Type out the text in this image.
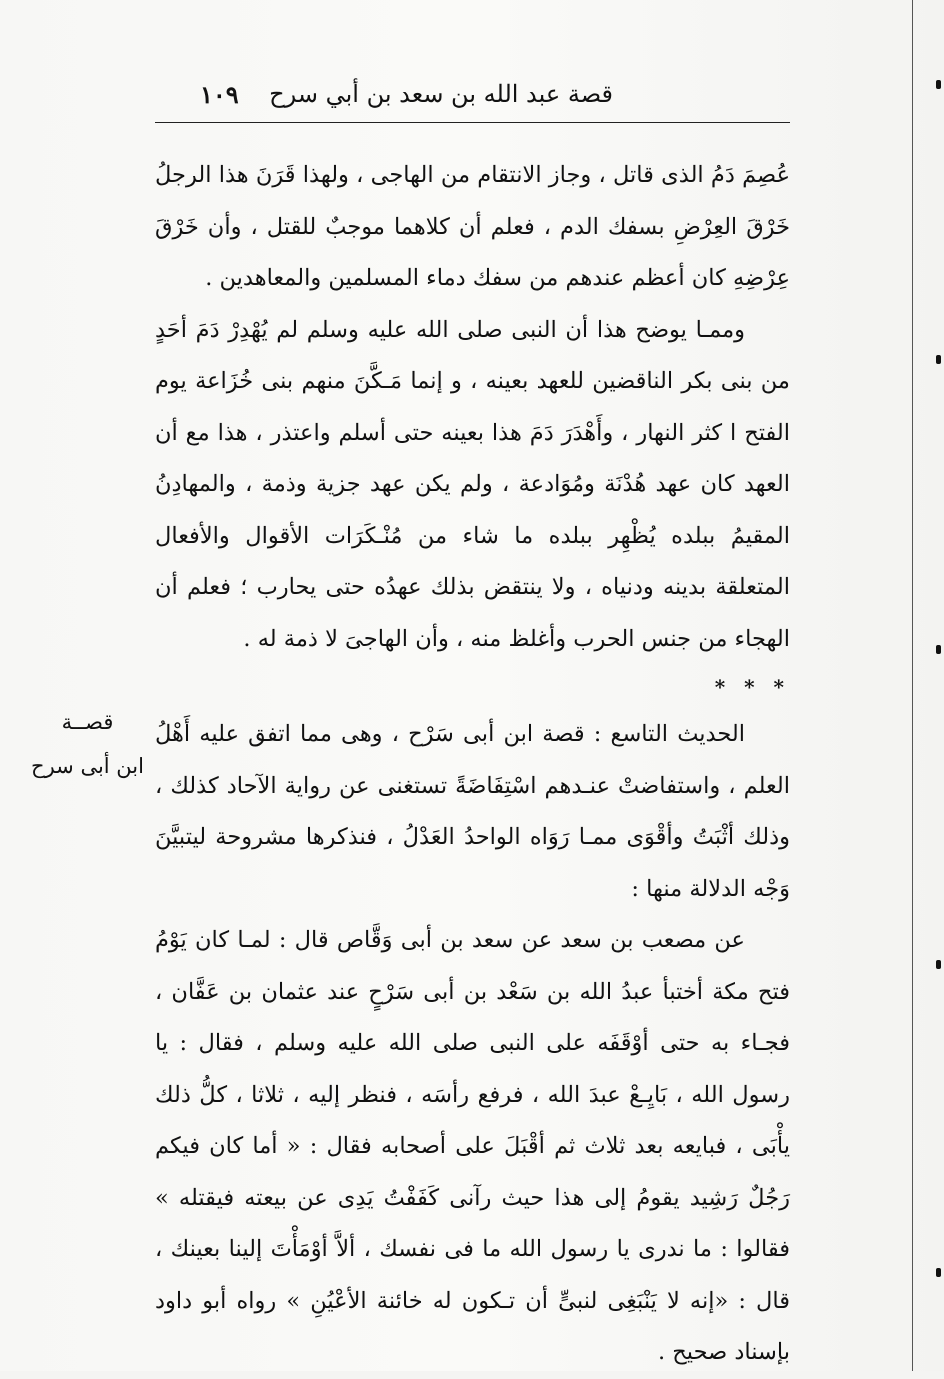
قصة عبد الله بن سعد بن أبي سرح
١٠٩

عُصِمَ دَمُ الذى قاتل ، وجاز الانتقام من الهاجى ، ولهذا قَرَنَ هذا الرجلُ خَرْقَ العِرْضِ بسفك الدم ، فعلم أن كلاهما موجبٌ للقتل ، وأن خَرْقَ عِرْضِهِ كان أعظم عندهم من سفك دماء المسلمين والمعاهدين .

وممـا يوضح هذا أن النبى صلى الله عليه وسلم لم يُهْدِرْ دَمَ أحَدٍ من بنى بكر الناقضين للعهد بعينه ، و إنما مَـكَّنَ منهم بنى خُزَاعة يوم الفتح ا كثر النهار ، وأَهْدَرَ دَمَ هذا بعينه حتى أسلم واعتذر ، هذا مع أن العهد كان عهد هُدْنَة ومُوَادعة ، ولم يكن عهد جزية وذمة ، والمهادِنُ المقيمُ ببلده يُظْهِر ببلده ما شاء من مُنْـكَرَات الأقوال والأفعال المتعلقة بدينه ودنياه ، ولا ينتقض بذلك عهدُه حتى يحارب ؛ فعلم أن الهجاء من جنس الحرب وأغلظ منه ، وأن الهاجىَ لا ذمة له .

* * *

الحديث التاسع : قصة ابن أبى سَرْح ، وهى مما اتفق عليه أَهْلُ العلم ، واستفاضتْ عنـدهم اسْتِفَاضَةً تستغنى عن رواية الآحاد كذلك ، وذلك أثْبَتُ وأقْوَى ممـا رَوَاه الواحدُ العَدْلُ ، فنذكرها مشروحة ليتبيَّنَ وَجْه الدلالة منها :

عن مصعب بن سعد عن سعد بن أبى وَقَّاص قال : لمـا كان يَوْمُ فتح مكة أختبأ عبدُ الله بن سَعْد بن أبى سَرْحٍ عند عثمان بن عَفَّان ، فجـاء به حتى أوْقَفَه على النبى صلى الله عليه وسلم ، فقال : يا رسول الله ، بَايِـعْ عبدَ الله ، فرفع رأسَه ، فنظر إليه ، ثلاثا ، كلُّ ذلك يأْبَى ، فبايعه بعد ثلاث ثم أقْبَلَ على أصحابه فقال : « أما كان فيكم رَجُلٌ رَشِيد يقومُ إلى هذا حيث رآنى كَفَفْتُ يَدِى عن بيعته فيقتله » فقالوا : ما ندرى يا رسول الله ما فى نفسك ، ألاَّ أوْمَأْتَ إلينا بعينك ، قال : «إنه لا يَنْبَغِى لنبىٍّ أن تـكون له خائنة الأعْيُنِ » رواه أبو داود بإسناد صحيح .

قصــة
ابن أبى سرح
